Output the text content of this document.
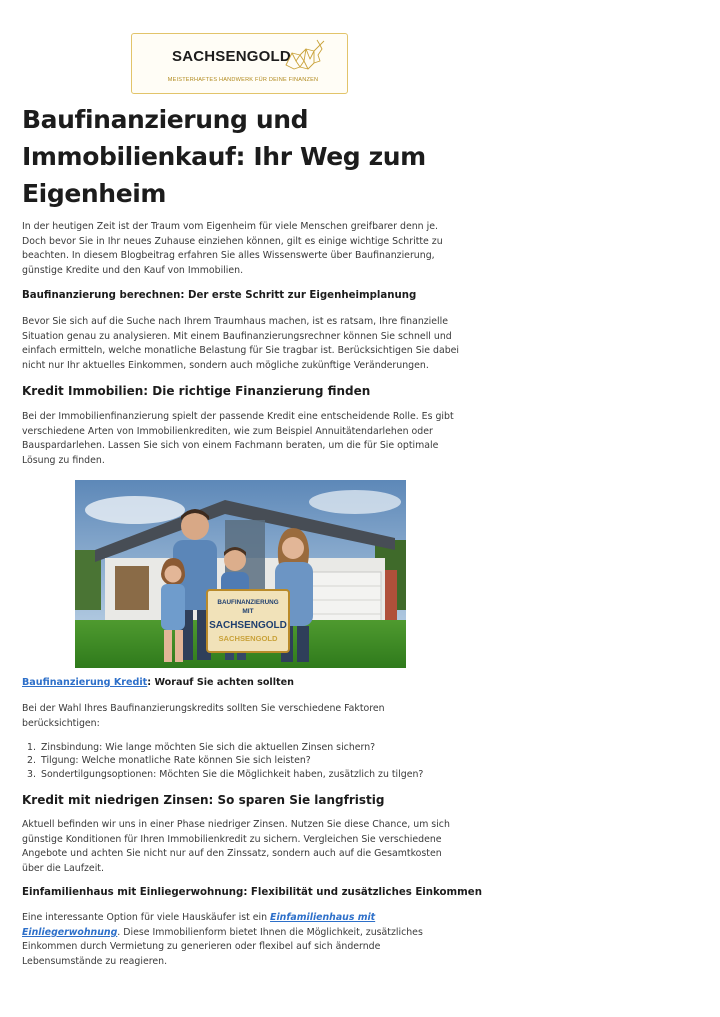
SACHSENGOLD
MEISTERHAFTES HANDWERK FÜR DEINE FINANZEN
Baufinanzierung und Immobilienkauf: Ihr Weg zum Eigenheim

In der heutigen Zeit ist der Traum vom Eigenheim für viele Menschen greifbarer denn je. Doch bevor Sie in Ihr neues Zuhause einziehen können, gilt es einige wichtige Schritte zu beachten. In diesem Blogbeitrag erfahren Sie alles Wissenswerte über Baufinanzierung, günstige Kredite und den Kauf von Immobilien.

Baufinanzierung berechnen: Der erste Schritt zur Eigenheimplanung

Bevor Sie sich auf die Suche nach Ihrem Traumhaus machen, ist es ratsam, Ihre finanzielle Situation genau zu analysieren. Mit einem Baufinanzierungsrechner können Sie schnell und einfach ermitteln, welche monatliche Belastung für Sie tragbar ist. Berücksichtigen Sie dabei nicht nur Ihr aktuelles Einkommen, sondern auch mögliche zukünftige Veränderungen.

Kredit Immobilien: Die richtige Finanzierung finden

Bei der Immobilienfinanzierung spielt der passende Kredit eine entscheidende Rolle. Es gibt verschiedene Arten von Immobilienkrediten, wie zum Beispiel Annuitätendarlehen oder Bauspardarlehen. Lassen Sie sich von einem Fachmann beraten, um die für Sie optimale Lösung zu finden.

Baufinanzierung Kredit: Worauf Sie achten sollten

Bei der Wahl Ihres Baufinanzierungskredits sollten Sie verschiedene Faktoren berücksichtigen:

1. Zinsbindung: Wie lange möchten Sie sich die aktuellen Zinsen sichern?
2. Tilgung: Welche monatliche Rate können Sie sich leisten?
3. Sondertilgungsoptionen: Möchten Sie die Möglichkeit haben, zusätzlich zu tilgen?
Kredit mit niedrigen Zinsen: So sparen Sie langfristig

Aktuell befinden wir uns in einer Phase niedriger Zinsen. Nutzen Sie diese Chance, um sich günstige Konditionen für Ihren Immobilienkredit zu sichern. Vergleichen Sie verschiedene Angebote und achten Sie nicht nur auf den Zinssatz, sondern auch auf die Gesamtkosten über die Laufzeit.

Einfamilienhaus mit Einliegerwohnung: Flexibilität und zusätzliches Einkommen

Eine interessante Option für viele Hauskäufer ist ein Einfamilienhaus mit Einliegerwohnung. Diese Immobilienform bietet Ihnen die Möglichkeit, zusätzliches Einkommen durch Vermietung zu generieren oder flexibel auf sich ändernde Lebensumstände zu reagieren.

BAUFINANZIERUNG
MIT
SACHSENGOLD
SACHSENGOLD
